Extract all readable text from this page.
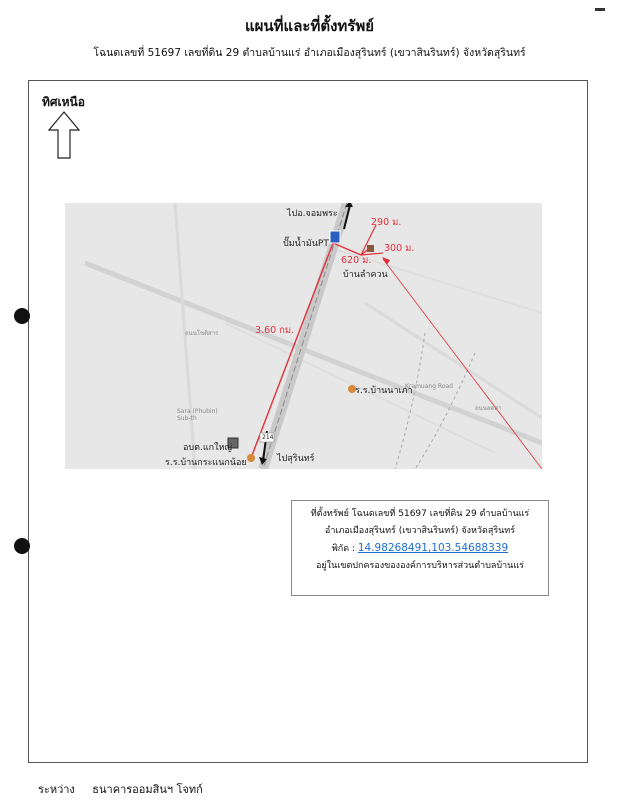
แผนที่และที่ตั้งทรัพย์
โฉนดเลขที่ 51697 เลขที่ดิน 29 ตำบลบ้านแร่ อำเภอเมืองสุรินทร์ (เขวาสินรินทร์) จังหวัดสุรินทร์
ทิศเหนือ
ไปอ.จอมพระ
290 ม.
ปั๊มน้ำมันPT	300 ม.
620 ม.
บ้านลำควน
3.60 กม.
ร.ร.บ้านนาเภา
อบต.แกใหญ่
ร.ร.บ้านกระแนกน้อย
214
ไปสุรินทร์
Sara (Phubin)
Sub-th
ถนนโชติสาร
ถนนลดสา
Kramuang Road
ที่ตั้งทรัพย์ โฉนดเลขที่ 51697 เลขที่ดิน 29 ตำบลบ้านแร่
อำเภอเมืองสุรินทร์ (เขวาสินรินทร์) จังหวัดสุรินทร์
พิกัด : 14.98268491,103.54688339
อยู่ในเขตปกครองขององค์การบริหารส่วนตำบลบ้านแร่
ระหว่าง ธนาคารออมสินฯ โจทก์
